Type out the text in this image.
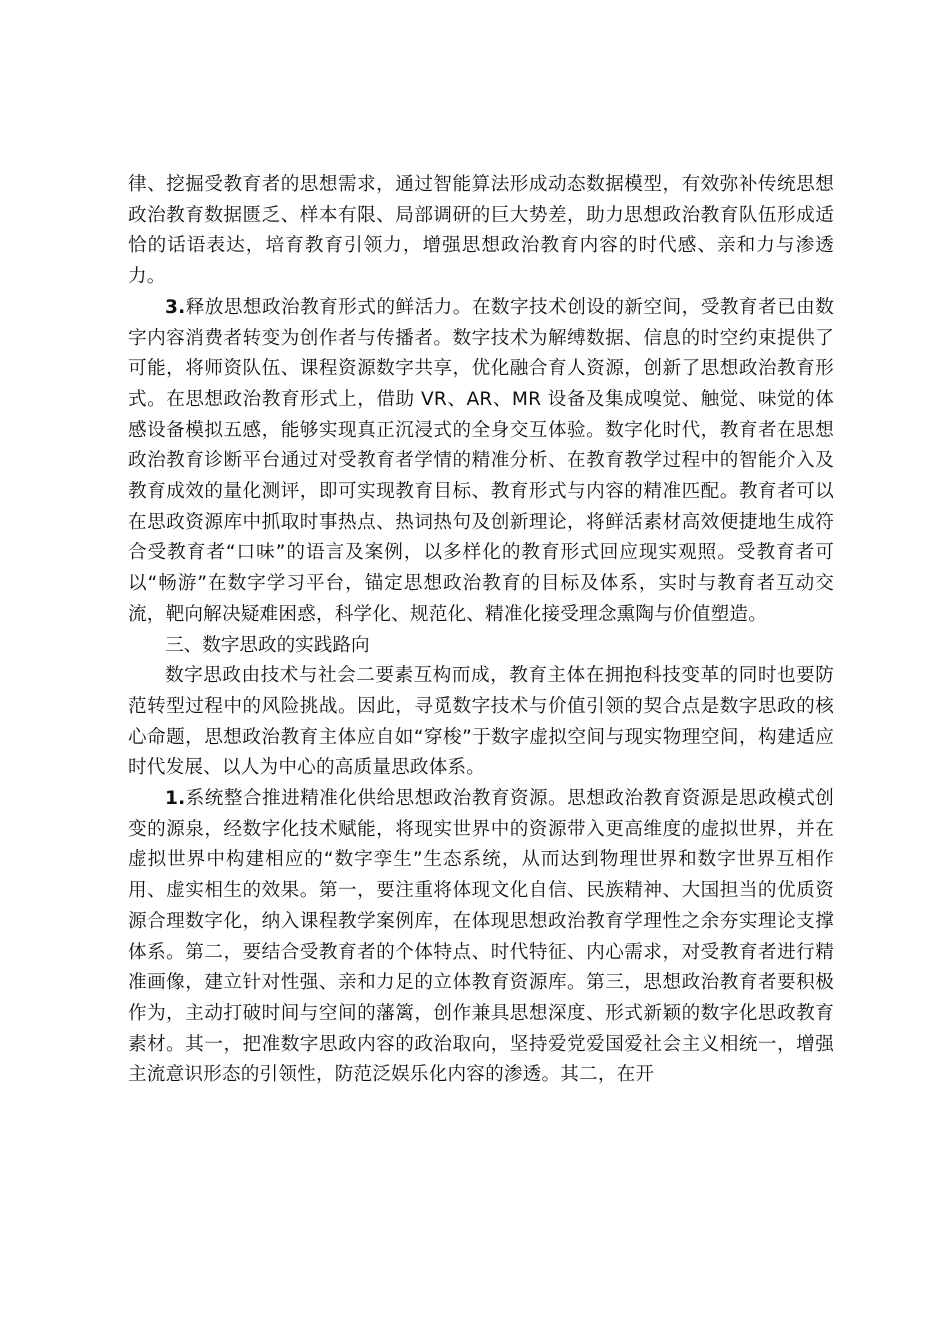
律、挖掘受教育者的思想需求，通过智能算法形成动态数据模型，有效弥补传统思想政治教育数据匮乏、样本有限、局部调研的巨大势差，助力思想政治教育队伍形成适恰的话语表达，培育教育引领力，增强思想政治教育内容的时代感、亲和力与渗透力。

3.释放思想政治教育形式的鲜活力。在数字技术创设的新空间，受教育者已由数字内容消费者转变为创作者与传播者。数字技术为解缚数据、信息的时空约束提供了可能，将师资队伍、课程资源数字共享，优化融合育人资源，创新了思想政治教育形式。在思想政治教育形式上，借助 VR、AR、MR 设备及集成嗅觉、触觉、味觉的体感设备模拟五感，能够实现真正沉浸式的全身交互体验。数字化时代，教育者在思想政治教育诊断平台通过对受教育者学情的精准分析、在教育教学过程中的智能介入及教育成效的量化测评，即可实现教育目标、教育形式与内容的精准匹配。教育者可以在思政资源库中抓取时事热点、热词热句及创新理论，将鲜活素材高效便捷地生成符合受教育者“口味”的语言及案例，以多样化的教育形式回应现实观照。受教育者可以“畅游”在数字学习平台，锚定思想政治教育的目标及体系，实时与教育者互动交流，靶向解决疑难困惑，科学化、规范化、精准化接受理念熏陶与价值塑造。

三、数字思政的实践路向

数字思政由技术与社会二要素互构而成，教育主体在拥抱科技变革的同时也要防范转型过程中的风险挑战。因此，寻觅数字技术与价值引领的契合点是数字思政的核心命题，思想政治教育主体应自如“穿梭”于数字虚拟空间与现实物理空间，构建适应时代发展、以人为中心的高质量思政体系。

1.系统整合推进精准化供给思想政治教育资源。思想政治教育资源是思政模式创变的源泉，经数字化技术赋能，将现实世界中的资源带入更高维度的虚拟世界，并在虚拟世界中构建相应的“数字孪生”生态系统，从而达到物理世界和数字世界互相作用、虚实相生的效果。第一，要注重将体现文化自信、民族精神、大国担当的优质资源合理数字化，纳入课程教学案例库，在体现思想政治教育学理性之余夯实理论支撑体系。第二，要结合受教育者的个体特点、时代特征、内心需求，对受教育者进行精准画像，建立针对性强、亲和力足的立体教育资源库。第三，思想政治教育者要积极作为，主动打破时间与空间的藩篱，创作兼具思想深度、形式新颖的数字化思政教育素材。其一，把准数字思政内容的政治取向，坚持爱党爱国爱社会主义相统一，增强主流意识形态的引领性，防范泛娱乐化内容的渗透。其二，在开
